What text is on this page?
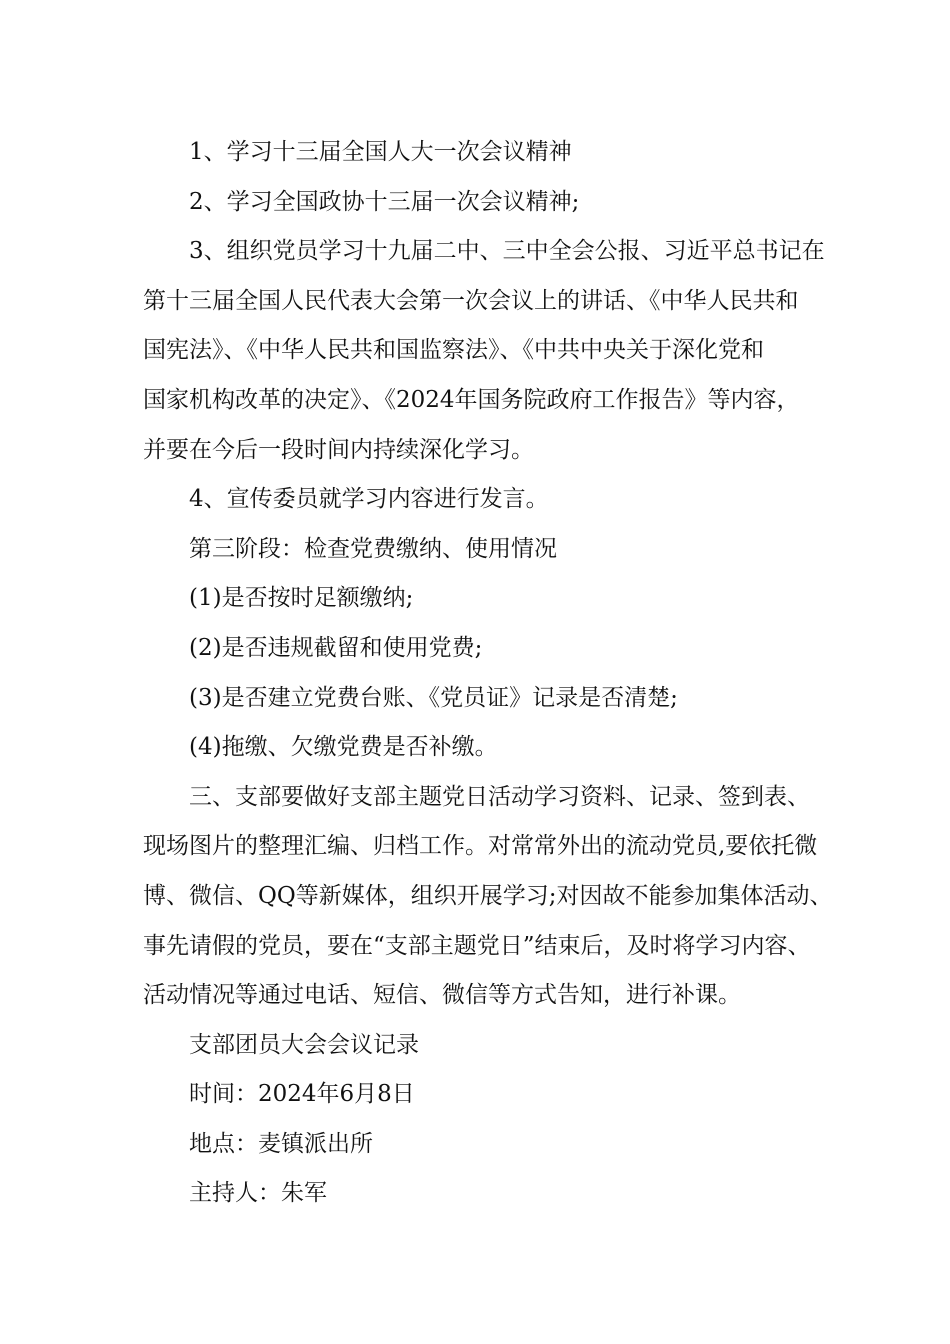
1、学习十三届全国人大一次会议精神

2、学习全国政协十三届一次会议精神;

3、组织党员学习十九届二中、三中全会公报、习近平总书记在
第十三届全国人民代表大会第一次会议上的讲话、《中华人民共和
国宪法》、《中华人民共和国监察法》、《中共中央关于深化党和
国家机构改革的决定》、《2024年国务院政府工作报告》等内容，
并要在今后一段时间内持续深化学习。

4、宣传委员就学习内容进行发言。

第三阶段：检查党费缴纳、使用情况

(1)是否按时足额缴纳;

(2)是否违规截留和使用党费;

(3)是否建立党费台账、《党员证》记录是否清楚;

(4)拖缴、欠缴党费是否补缴。

三、支部要做好支部主题党日活动学习资料、记录、签到表、
现场图片的整理汇编、归档工作。对常常外出的流动党员,要依托微
博、微信、QQ等新媒体，组织开展学习;对因故不能参加集体活动、
事先请假的党员，要在“支部主题党日”结束后，及时将学习内容、
活动情况等通过电话、短信、微信等方式告知，进行补课。

支部团员大会会议记录

时间：2024年6月8日

地点：麦镇派出所

主持人：朱军
